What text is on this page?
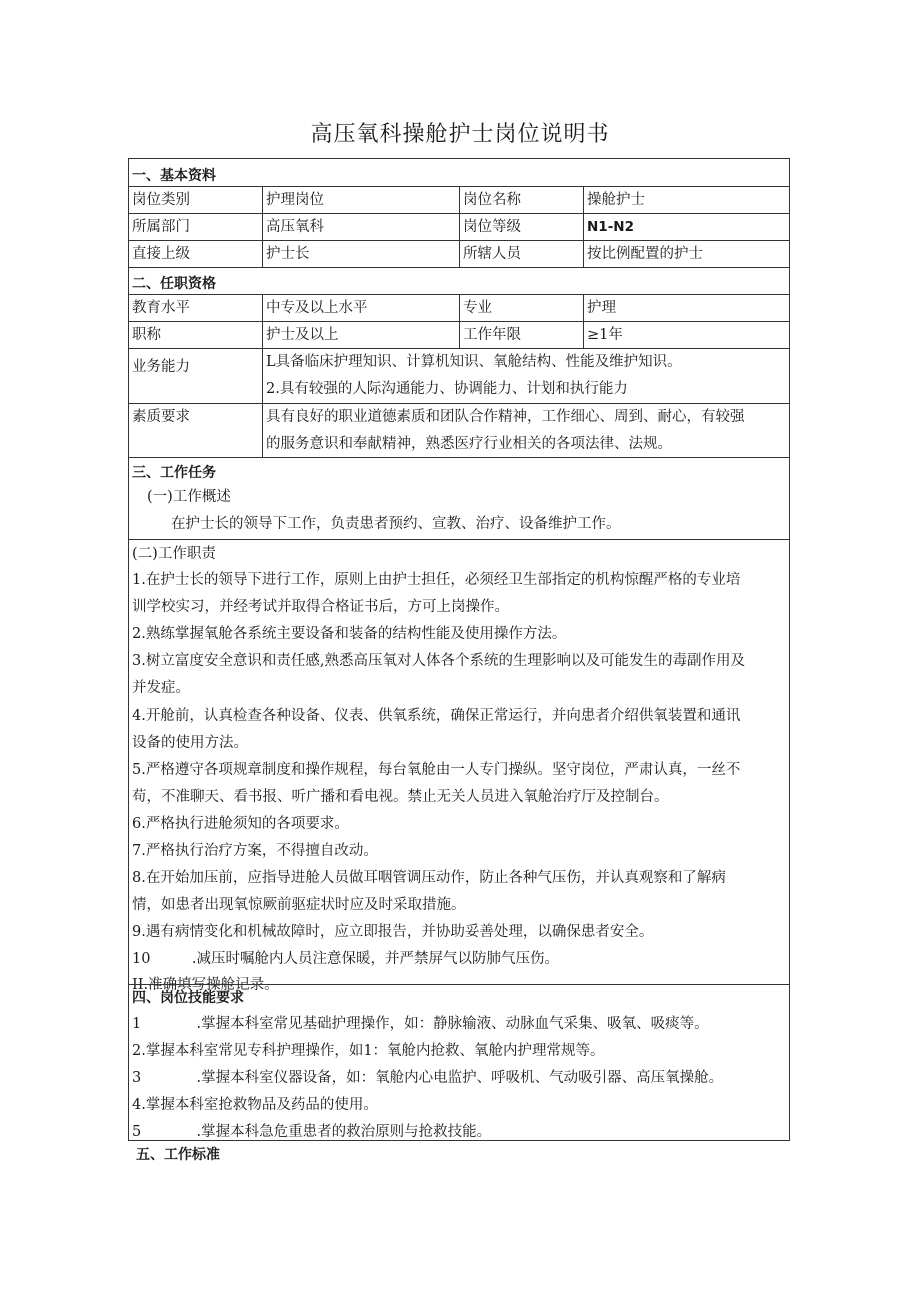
高压氧科操舱护士岗位说明书
一、基本资料
岗位类别	护理岗位	岗位名称	操舱护士
所属部门	高压氧科	岗位等级	N1-N2
直接上级	护士长	所辖人员	按比例配置的护士
二、任职资格
教育水平	中专及以上水平	专业	护理
职称	护士及以上	工作年限	≥1年
业务能力	L具备临床护理知识、计算机知识、氧舱结构、性能及维护知识。
2.具有较强的人际沟通能力、协调能力、计划和执行能力
素质要求	具有良好的职业道德素质和团队合作精神，工作细心、周到、耐心，有较强
的服务意识和奉献精神，熟悉医疗行业相关的各项法律、法规。
三、工作任务
(一)工作概述
在护士长的领导下工作，负责患者预约、宣教、治疗、设备维护工作。
(二)工作职责
1.在护士长的领导下进行工作，原则上由护士担任，必须经卫生部指定的机构惊醒严格的专业培
训学校实习，并经考试并取得合格证书后，方可上岗操作。
2.熟练掌握氧舱各系统主要设备和装备的结构性能及使用操作方法。
3.树立富度安全意识和责任感,熟悉高压氧对人体各个系统的生理影响以及可能发生的毒副作用及
并发症。
4.开舱前，认真检查各种设备、仪表、供氧系统，确保正常运行，并向患者介绍供氧装置和通讯
设备的使用方法。
5.严格遵守各项规章制度和操作规程，每台氧舱由一人专门操纵。坚守岗位，严肃认真，一丝不
苟，不准聊天、看书报、听广播和看电视。禁止无关人员进入氧舱治疗厅及控制台。
6.严格执行进舱须知的各项要求。
7.严格执行治疗方案，不得擅自改动。
8.在开始加压前，应指导进舱人员做耳咽管调压动作，防止各种气压伤，并认真观察和了解病
情，如患者出现氧惊厥前驱症状时应及时采取措施。
9.遇有病情变化和机械故障时，应立即报告，并协助妥善处理，以确保患者安全。
10         .减压时嘱舱内人员注意保暖，并严禁屏气以防肺气压伤。
II.准确填写操舱记录。
四、岗位技能要求
1            .掌握本科室常见基础护理操作，如：静脉输液、动脉血气采集、吸氧、吸痰等。
2.掌握本科室常见专科护理操作，如1：氧舱内抢救、氧舱内护理常规等。
3            .掌握本科室仪器设备，如：氧舱内心电监护、呼吸机、气动吸引器、高压氧操舱。
4.掌握本科室抢救物品及药品的使用。
5            .掌握本科急危重患者的救治原则与抢救技能。
五、工作标准
